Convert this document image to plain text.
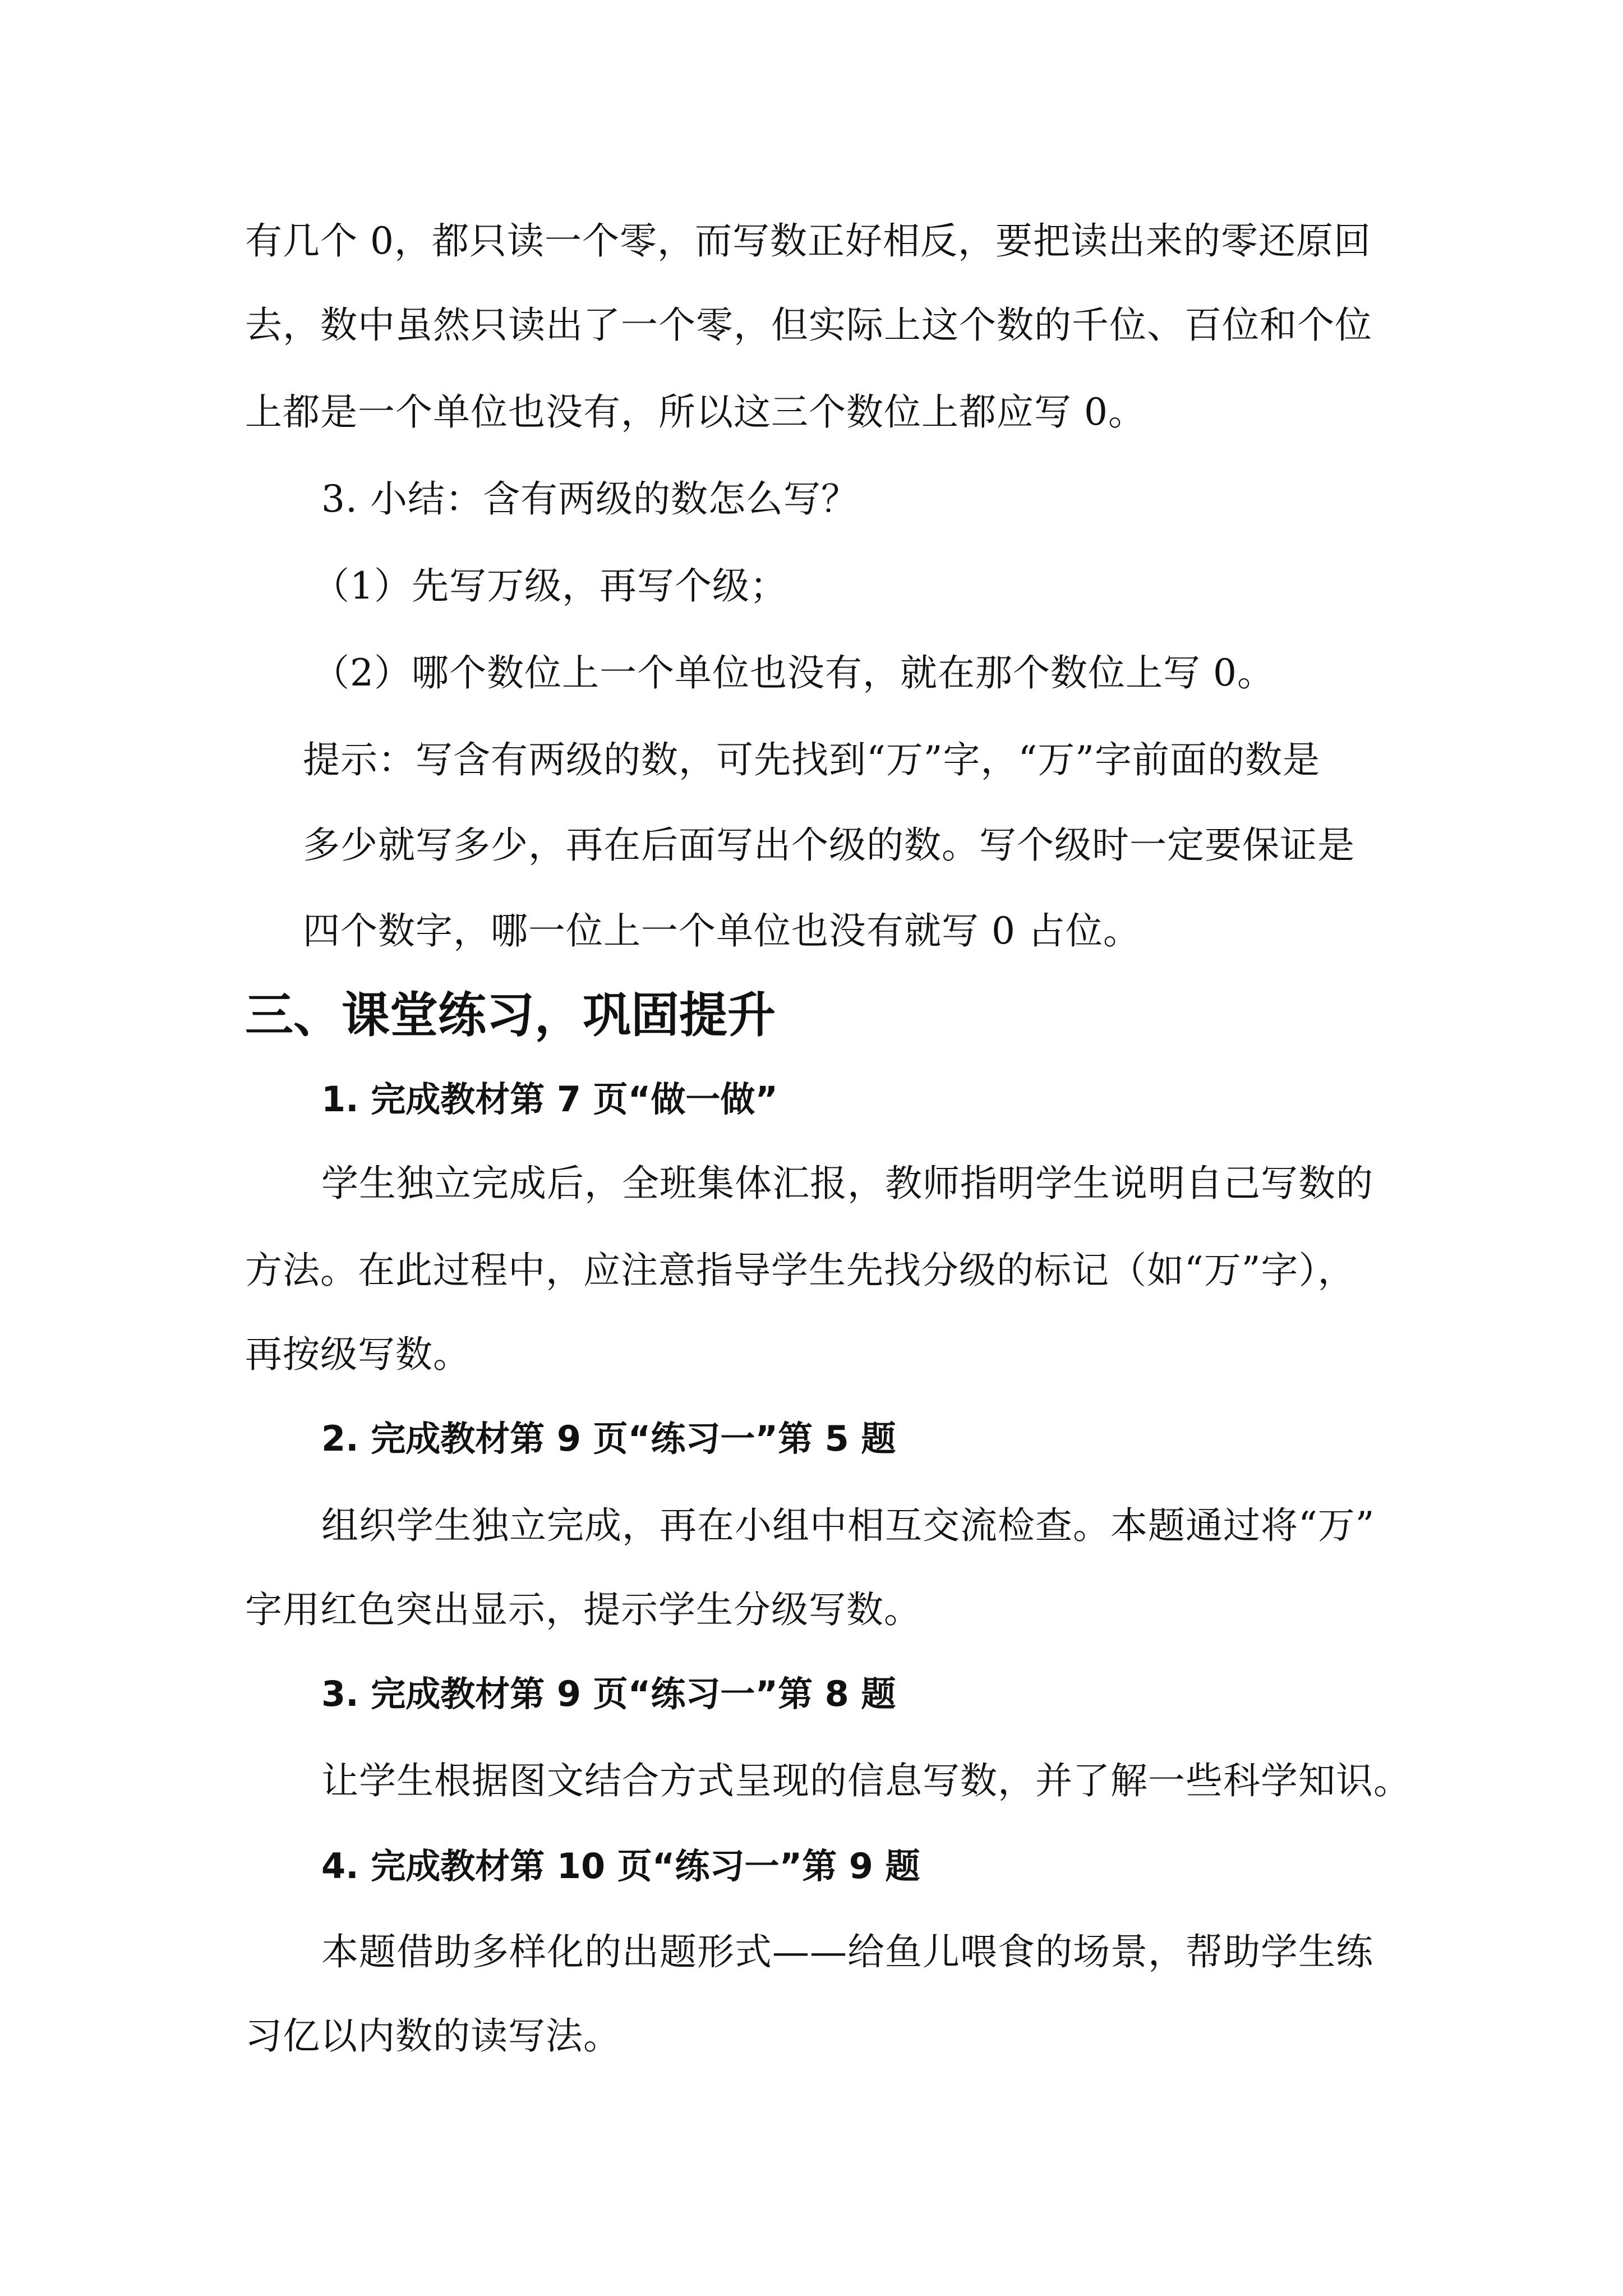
有几个 0，都只读一个零，而写数正好相反，要把读出来的零还原回
去，数中虽然只读出了一个零，但实际上这个数的千位、百位和个位
上都是一个单位也没有，所以这三个数位上都应写 0。
3. 小结：含有两级的数怎么写？
（1）先写万级，再写个级；
（2）哪个数位上一个单位也没有，就在那个数位上写 0。
提示：写含有两级的数，可先找到“万”字，“万”字前面的数是
多少就写多少，再在后面写出个级的数。写个级时一定要保证是
四个数字，哪一位上一个单位也没有就写 0 占位。
三、课堂练习，巩固提升
1. 完成教材第 7 页“做一做”
学生独立完成后，全班集体汇报，教师指明学生说明自己写数的
方法。在此过程中，应注意指导学生先找分级的标记（如“万”字），
再按级写数。
2. 完成教材第 9 页“练习一”第 5 题
组织学生独立完成，再在小组中相互交流检查。本题通过将“万”
字用红色突出显示，提示学生分级写数。
3. 完成教材第 9 页“练习一”第 8 题
让学生根据图文结合方式呈现的信息写数，并了解一些科学知识。
4. 完成教材第 10 页“练习一”第 9 题
本题借助多样化的出题形式——给鱼儿喂食的场景，帮助学生练
习亿以内数的读写法。
